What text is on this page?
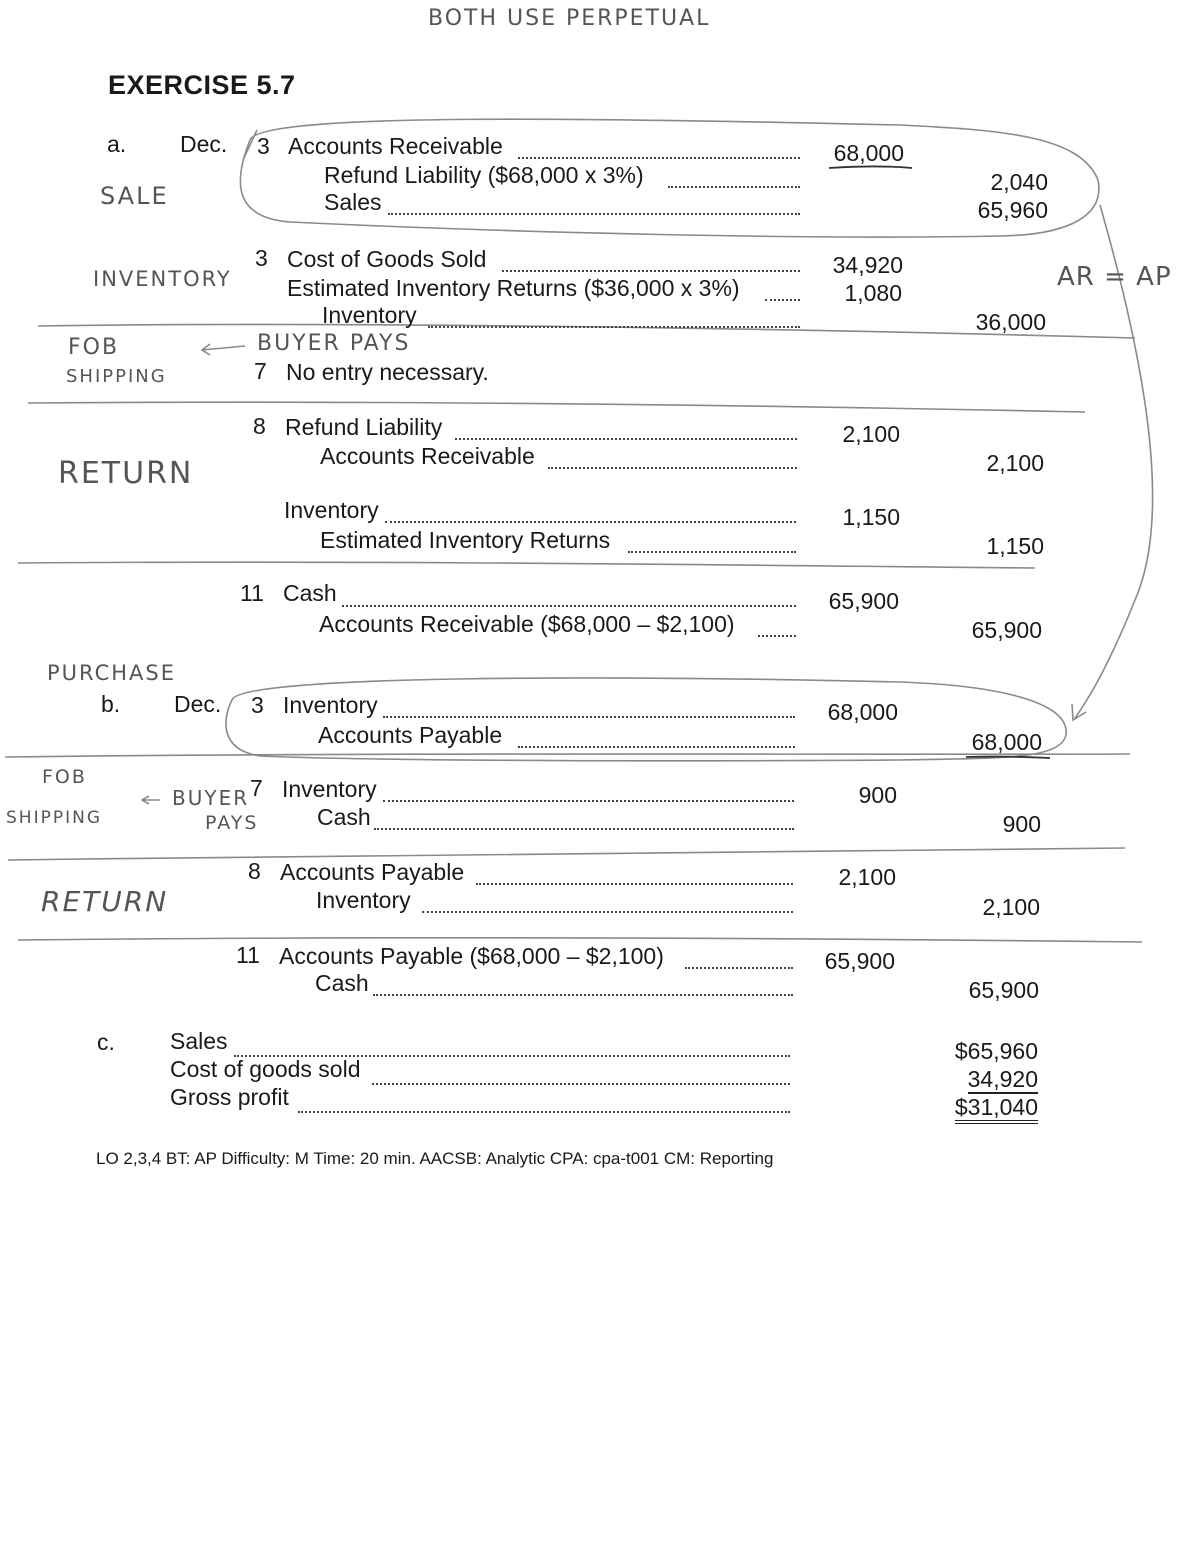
BOTH USE PERPETUAL
SALE
INVENTORY
FOB
SHIPPING
BUYER PAYS
RETURN
PURCHASE
FOB
SHIPPING
BUYER
PAYS
RETURN
AR = AP
EXERCISE 5.7
a. Dec. 3 Accounts Receivable	68,000
Refund Liability ($68,000 x 3%)	2,040
Sales	65,960
3 Cost of Goods Sold	34,920
Estimated Inventory Returns ($36,000 x 3%)	1,080
Inventory	36,000
7 No entry necessary.
8 Refund Liability	2,100
Accounts Receivable	2,100
Inventory	1,150
Estimated Inventory Returns	1,150
11 Cash	65,900
Accounts Receivable ($68,000 – $2,100)	65,900
b. Dec. 3 Inventory	68,000
Accounts Payable	68,000
7 Inventory	900
Cash	900
8 Accounts Payable	2,100
Inventory	2,100
11 Accounts Payable ($68,000 – $2,100)	65,900
Cash	65,900
c. Sales	$65,960
Cost of goods sold	34,920
Gross profit	$31,040
LO 2,3,4 BT: AP Difficulty: M Time: 20 min. AACSB: Analytic CPA: cpa-t001 CM: Reporting
